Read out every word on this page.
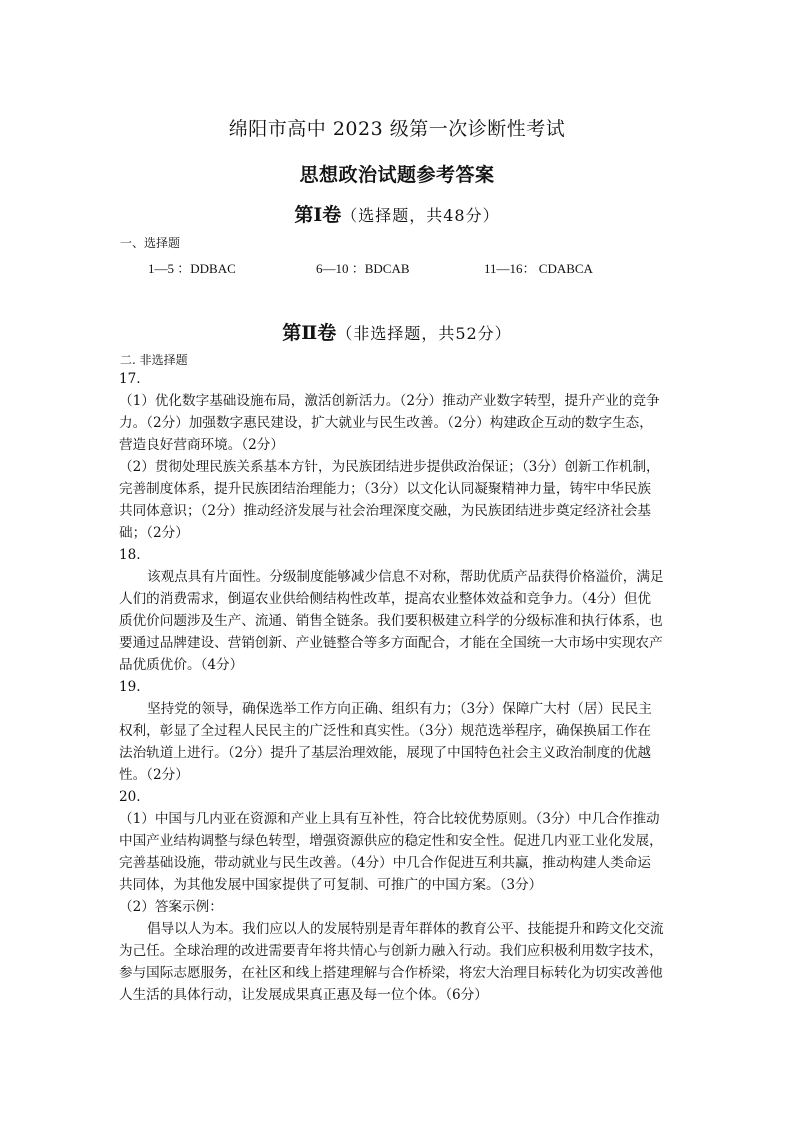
绵阳市高中 2023 级第一次诊断性考试
思想政治试题参考答案
第Ⅰ卷（选择题，共48分）
一、选择题
1—5 ：DDBAC	6—10 ：BDCAB	11—16： CDABCA
第Ⅱ卷（非选择题，共52分）
二. 非选择题
17.
（1）优化数字基础设施布局，激活创新活力。（2分）推动产业数字转型，提升产业的竞争
力。（2分）加强数字惠民建设，扩大就业与民生改善。（2分）构建政企互动的数字生态，
营造良好营商环境。（2分）
（2）贯彻处理民族关系基本方针，为民族团结进步提供政治保证；（3分）创新工作机制，
完善制度体系，提升民族团结治理能力；（3分）以文化认同凝聚精神力量，铸牢中华民族
共同体意识；（2分）推动经济发展与社会治理深度交融，为民族团结进步奠定经济社会基
础；（2分）
18.
该观点具有片面性。分级制度能够减少信息不对称，帮助优质产品获得价格溢价，满足
人们的消费需求，倒逼农业供给侧结构性改革，提高农业整体效益和竞争力。（4分）但优
质优价问题涉及生产、流通、销售全链条。我们要积极建立科学的分级标准和执行体系，也
要通过品牌建设、营销创新、产业链整合等多方面配合，才能在全国统一大市场中实现农产
品优质优价。（4分）
19.
坚持党的领导，确保选举工作方向正确、组织有力；（3分）保障广大村（居）民民主
权利，彰显了全过程人民民主的广泛性和真实性。（3分）规范选举程序，确保换届工作在
法治轨道上进行。（2分）提升了基层治理效能，展现了中国特色社会主义政治制度的优越
性。（2分）
20.
（1）中国与几内亚在资源和产业上具有互补性，符合比较优势原则。（3分）中几合作推动
中国产业结构调整与绿色转型，增强资源供应的稳定性和安全性。促进几内亚工业化发展，
完善基础设施，带动就业与民生改善。（4分）中几合作促进互利共赢，推动构建人类命运
共同体，为其他发展中国家提供了可复制、可推广的中国方案。（3分）
（2）答案示例：
倡导以人为本。我们应以人的发展特别是青年群体的教育公平、技能提升和跨文化交流
为己任。全球治理的改进需要青年将共情心与创新力融入行动。我们应积极利用数字技术，
参与国际志愿服务，在社区和线上搭建理解与合作桥梁，将宏大治理目标转化为切实改善他
人生活的具体行动，让发展成果真正惠及每一位个体。（6分）
